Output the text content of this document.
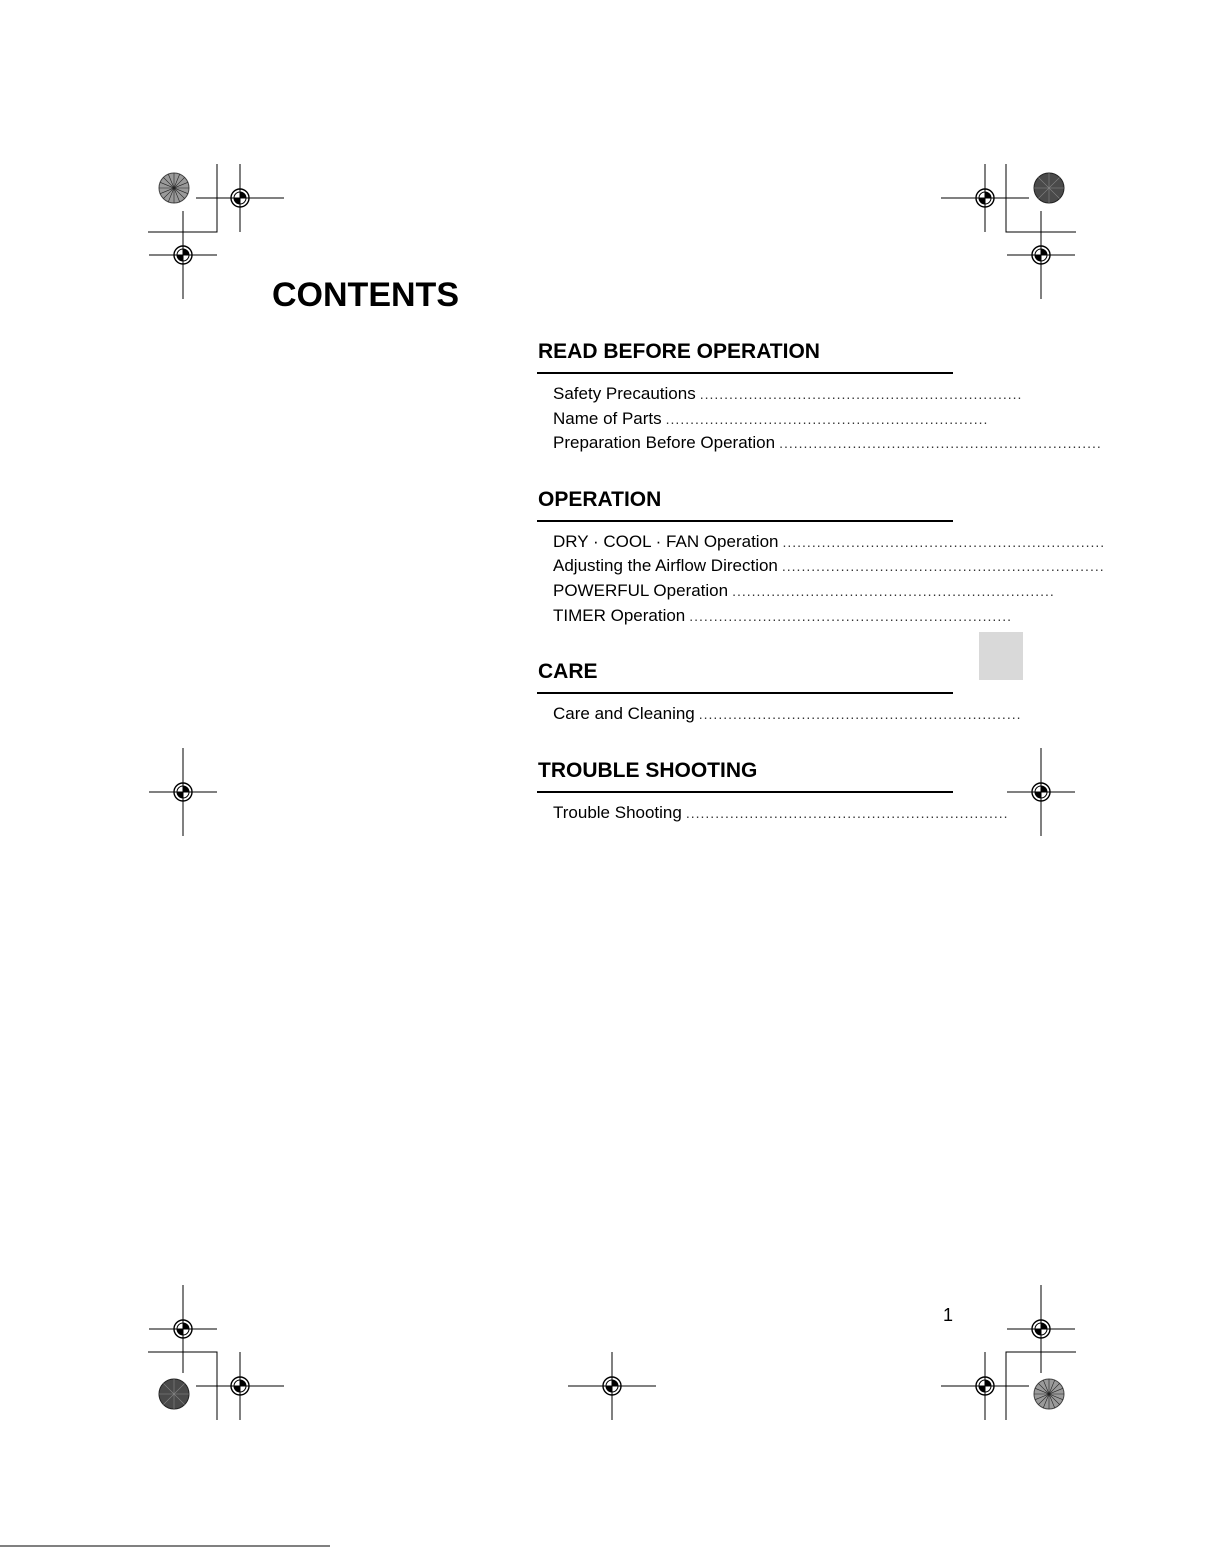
CONTENTS
READ BEFORE OPERATION
Safety Precautions ..................................................................
Name of Parts ..................................................................
Preparation Before Operation ..................................................................
OPERATION
DRY · COOL · FAN Operation ..................................................................
Adjusting the Airflow Direction ..................................................................
POWERFUL Operation ..................................................................
TIMER Operation ..................................................................
CARE
Care and Cleaning ..................................................................
TROUBLE SHOOTING
Trouble Shooting ..................................................................
1
